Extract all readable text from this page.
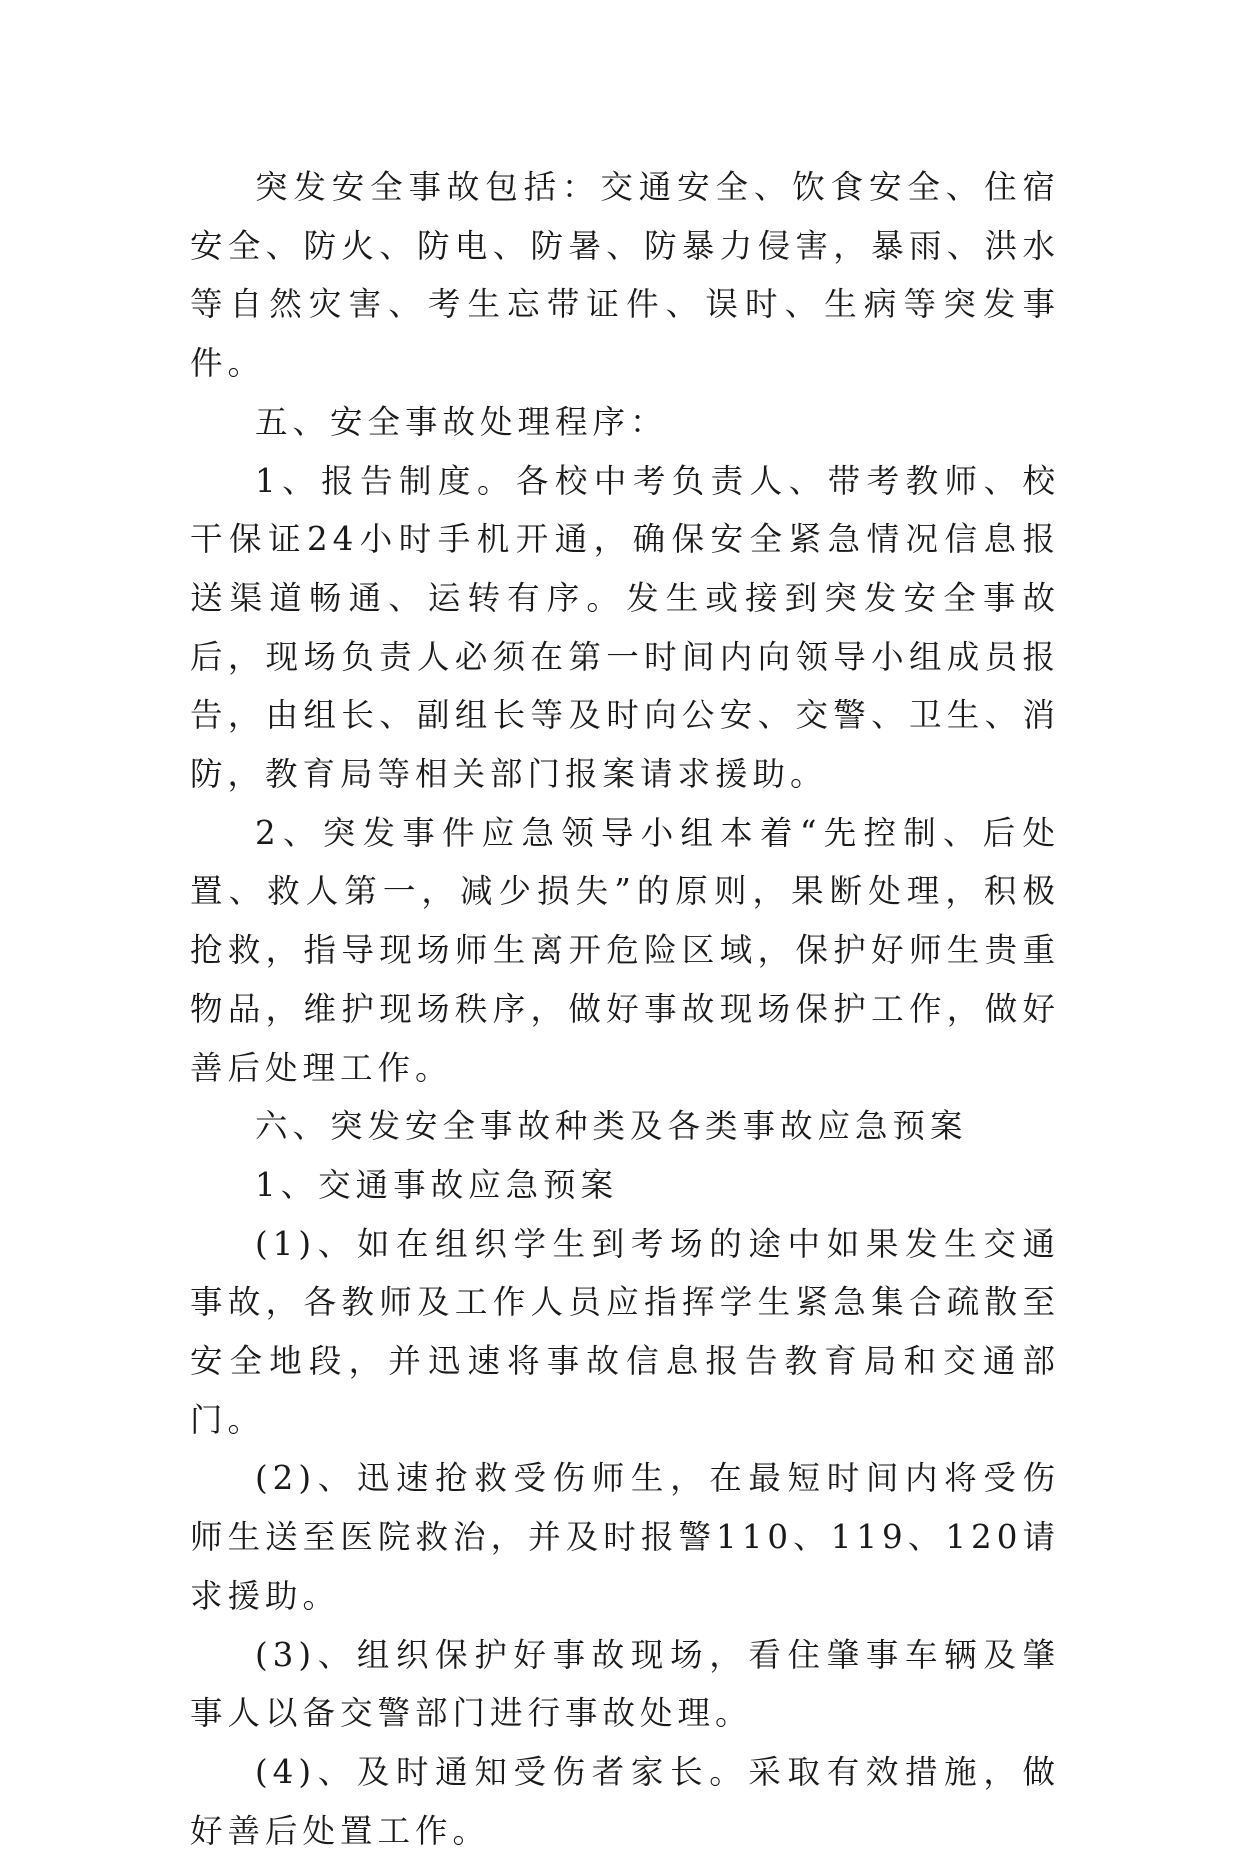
突发安全事故包括：交通安全、饮食安全、住宿安全、防火、防电、防暑、防暴力侵害，暴雨、洪水等自然灾害、考生忘带证件、误时、生病等突发事件。

五、安全事故处理程序：

1、报告制度。各校中考负责人、带考教师、校干保证24小时手机开通，确保安全紧急情况信息报送渠道畅通、运转有序。发生或接到突发安全事故后，现场负责人必须在第一时间内向领导小组成员报告，由组长、副组长等及时向公安、交警、卫生、消防，教育局等相关部门报案请求援助。

2、突发事件应急领导小组本着“先控制、后处置、救人第一，减少损失”的原则，果断处理，积极抢救，指导现场师生离开危险区域，保护好师生贵重物品，维护现场秩序，做好事故现场保护工作，做好善后处理工作。

六、突发安全事故种类及各类事故应急预案

1、交通事故应急预案

(1)、如在组织学生到考场的途中如果发生交通事故，各教师及工作人员应指挥学生紧急集合疏散至安全地段，并迅速将事故信息报告教育局和交通部门。

(2)、迅速抢救受伤师生，在最短时间内将受伤师生送至医院救治，并及时报警110、119、120请求援助。

(3)、组织保护好事故现场，看住肇事车辆及肇事人以备交警部门进行事故处理。

(4)、及时通知受伤者家长。采取有效措施，做好善后处置工作。
